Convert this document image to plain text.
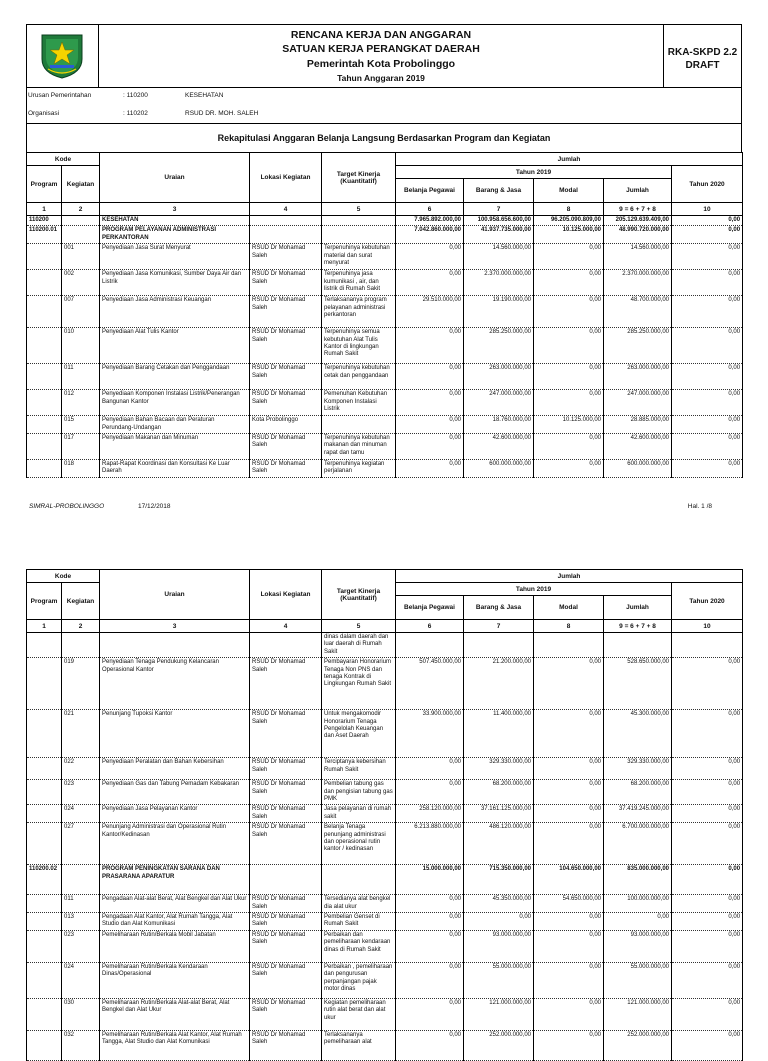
RENCANA KERJA DAN ANGGARAN
SATUAN KERJA PERANGKAT DAERAH
Pemerintah Kota Probolinggo
Tahun Anggaran 2019
RKA-SKPD 2.2
DRAFT
Urusan Pemerintahan	: 110200	KESEHATAN
Organisasi	: 110202	RSUD DR. MOH. SALEH
Rekapitulasi Anggaran Belanja Langsung Berdasarkan Program dan Kegiatan
Kode		Uraian	Lokasi Kegiatan	Target Kinerja (Kuantitatif)	Jumlah				
Program	Kegiatan				Tahun 2019				Tahun 2020
					Belanja Pegawai	Barang & Jasa	Modal	Jumlah	
1	2	3	4	5	6	7	8	9 = 6 + 7 + 8	10
110200		KESEHATAN			7.965.892.000,00	100.958.656.600,00	96.205.090.809,00	205.129.639.409,00	0,00
110200.01		PROGRAM PELAYANAN ADMINISTRASI PERKANTORAN			7.042.860.000,00	41.937.735.000,00	10.125.000,00	48.990.720.000,00	0,00
	001	Penyediaan Jasa Surat Menyurat	RSUD Dr Mohamad Saleh	Terpenuhinya kebutuhan material dan surat menyurat	0,00	14.560.000,00	0,00	14.560.000,00	0,00
	002	Penyediaan Jasa Komunikasi, Sumber Daya Air dan Listrik	RSUD Dr Mohamad Saleh	Terpenuhinya jasa kumunikasi , air, dan listrik di Rumah Sakit	0,00	2.370.000.000,00	0,00	2.370.000.000,00	0,00
	007	Penyediaan Jasa Administrasi Keuangan	RSUD Dr Mohamad Saleh	Terlaksananya program pelayanan administrasi perkantoran	29.510.000,00	19.190.000,00	0,00	48.700.000,00	0,00
	010	Penyediaan Alat Tulis Kantor	RSUD Dr Mohamad Saleh	Terpenuhinya semua kebutuhan Alat Tulis Kantor di lingkungan Rumah Sakit	0,00	285.250.000,00	0,00	285.250.000,00	0,00
	011	Penyediaan Barang Cetakan dan Penggandaan	RSUD Dr Mohamad Saleh	Terpenuhinya kebutuhan cetak dan penggandaan	0,00	263.000.000,00	0,00	263.000.000,00	0,00
	012	Penyediaan Komponen Instalasi Listrik/Penerangan Bangunan Kantor	RSUD Dr Mohamad Saleh	Pemenuhan Kebutuhan Komponen Instalasi Listrik	0,00	247.000.000,00	0,00	247.000.000,00	0,00
	015	Penyediaan Bahan Bacaan dan Peraturan Perundang-Undangan	Kota Probolinggo		0,00	18.760.000,00	10.125.000,00	28.885.000,00	0,00
	017	Penyediaan Makanan dan Minuman	RSUD Dr Mohamad Saleh	Terpenuhinya kebutuhan makanan dan minuman rapat dan tamu	0,00	42.600.000,00	0,00	42.600.000,00	0,00
	018	Rapat-Rapat Koordinasi dan Konsultasi Ke Luar Daerah	RSUD Dr Mohamad Saleh	Terpenuhinya kegiatan perjalanan	0,00	600.000.000,00	0,00	600.000.000,00	0,00
SIMRAL-PROBOLINGGO	17/12/2018	Hal. 1 /8
Kode		Uraian	Lokasi Kegiatan	Target Kinerja (Kuantitatif)	Jumlah				
Program	Kegiatan				Tahun 2019				Tahun 2020
					Belanja Pegawai	Barang & Jasa	Modal	Jumlah	
1	2	3	4	5	6	7	8	9 = 6 + 7 + 8	10
				dinas dalam daerah dan luar daerah di Rumah Sakit					
	019	Penyediaan Tenaga Pendukung Kelancaran Operasional Kantor	RSUD Dr Mohamad Saleh	Pembayaran Honorarium Tenaga Non PNS dan tenaga Kontrak di Lingkungan Rumah Sakit	507.450.000,00	21.200.000,00	0,00	528.650.000,00	0,00
	021	Penunjang Tupoksi Kantor	RSUD Dr Mohamad Saleh	Untuk mengakomodir Honorarium Tenaga Pengelolah Keuangan dan Aset Daerah	33.900.000,00	11.400.000,00	0,00	45.300.000,00	0,00
	022	Penyediaan Peralatan dan Bahan Kebersihan	RSUD Dr Mohamad Saleh	Terciptanya kebersihan Rumah Sakit	0,00	329.330.000,00	0,00	329.330.000,00	0,00
	023	Penyediaan Gas dan Tabung Pemadam Kebakaran	RSUD Dr Mohamad Saleh	Pembelian tabung gas dan pengisian tabung gas PMK	0,00	68.200.000,00	0,00	68.200.000,00	0,00
	024	Penyediaan Jasa Pelayanan Kantor	RSUD Dr Mohamad Saleh	Jasa pelayanan di rumah sakit	258.120.000,00	37.161.125.000,00	0,00	37.419.245.000,00	0,00
	027	Penunjang Administrasi dan Operasional Rutin Kantor/Kedinasan	RSUD Dr Mohamad Saleh	Belanja Tenaga penunjang administrasi dan operasional rutin kantor / kedinasan	6.213.880.000,00	486.120.000,00	0,00	6.700.000.000,00	0,00
110200.02		PROGRAM PENINGKATAN SARANA DAN PRASARANA APARATUR			15.000.000,00	715.350.000,00	104.650.000,00	835.000.000,00	0,00
	011	Pengadaan Alat-alat Berat, Alat Bengkel dan Alat Ukur	RSUD Dr Mohamad Saleh	Tersedianya alat bengkel dia alat ukur	0,00	45.350.000,00	54.650.000,00	100.000.000,00	0,00
	013	Pengadaan Alat Kantor, Alat Rumah Tangga, Alat Studio dan Alat Komunikasi	RSUD Dr Mohamad Saleh	Pembelian Genset di Rumah Sakit	0,00	0,00	0,00	0,00	0,00
	023	Pemeliharaan Rutin/Berkala Mobil Jabatan	RSUD Dr Mohamad Saleh	Perbaikan dan pemeliharaan kendaraan dinas di Rumah Sakit	0,00	93.000.000,00	0,00	93.000.000,00	0,00
	024	Pemeliharaan Rutin/Berkala Kendaraan Dinas/Operasional	RSUD Dr Mohamad Saleh	Perbaikan , pemeliharaan dan pengurusan perpanjangan pajak motor dinas	0,00	55.000.000,00	0,00	55.000.000,00	0,00
	030	Pemeliharaan Rutin/Berkala Alat-alat Berat, Alat Bengkel dan Alat Ukur	RSUD Dr Mohamad Saleh	Kegiatan pemeliharaan rutin alat berat dan alat ukur	0,00	121.000.000,00	0,00	121.000.000,00	0,00
	032	Pemeliharaan Rutin/Berkala Alat Kantor, Alat Rumah Tangga, Alat Studio dan Alat Komunikasi	RSUD Dr Mohamad Saleh	Terlaksananya pemeliharaan alat	0,00	252.000.000,00	0,00	252.000.000,00	0,00
